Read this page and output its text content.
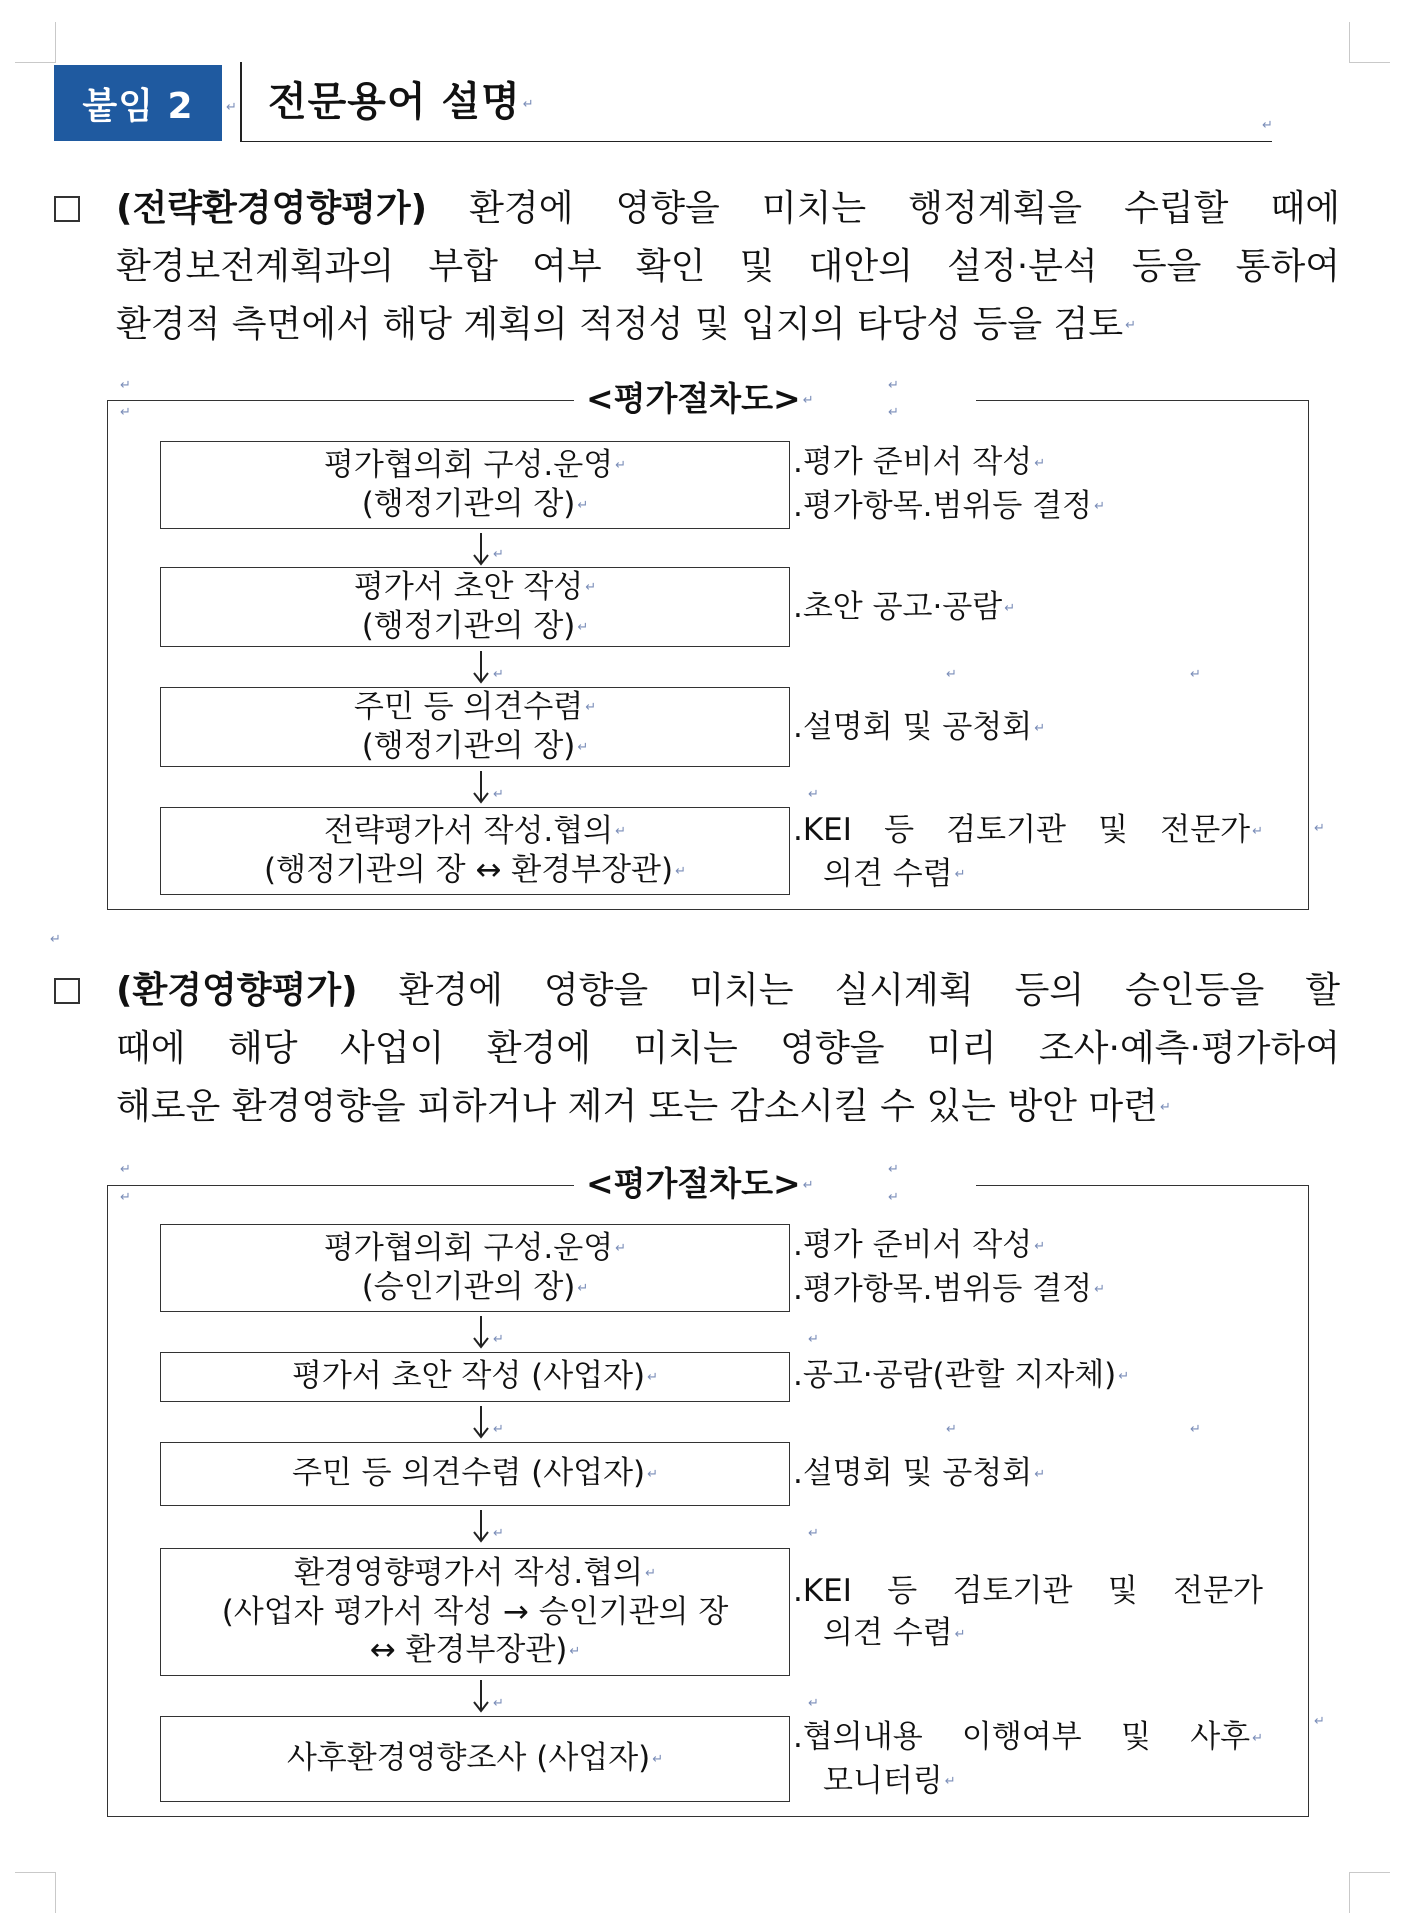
붙임 2 ↵ 전문용어 설명 ↵
↵
(전략환경영향평가) 환경에 영향을 미치는 행정계획을 수립할 때에
환경보전계획과의 부합 여부 확인 및 대안의 설정·분석 등을 통하여
환경적 측면에서 해당 계획의 적정성 및 입지의 타당성 등을 검토 ↵
↵	↵
<평가절차도> ↵
↵	↵
평가협의회 구성.운영 ↵
(행정기관의 장) ↵
.평가 준비서 작성 ↵
.평가항목.범위등 결정 ↵
↵
평가서 초안 작성 ↵
(행정기관의 장) ↵
.초안 공고·공람 ↵
↵	↵	↵
주민 등 의견수렴 ↵
(행정기관의 장) ↵
.설명회 및 공청회 ↵
↵	↵
전략평가서 작성.협의 ↵
(행정기관의 장 ↔ 환경부장관) ↵
.KEI 등 검토기관 및 전문가 ↵
의견 수렴 ↵
↵
↵
(환경영향평가) 환경에 영향을 미치는 실시계획 등의 승인등을 할
때에 해당 사업이 환경에 미치는 영향을 미리 조사·예측·평가하여
해로운 환경영향을 피하거나 제거 또는 감소시킬 수 있는 방안 마련 ↵
↵	↵
<평가절차도> ↵
↵	↵
평가협의회 구성.운영 ↵
(승인기관의 장) ↵
.평가 준비서 작성 ↵
.평가항목.범위등 결정 ↵
↵	↵
평가서 초안 작성 (사업자) ↵	.공고·공람(관할 지자체) ↵
↵	↵	↵
주민 등 의견수렴 (사업자) ↵	.설명회 및 공청회 ↵
↵	↵
환경영향평가서 작성.협의 ↵
(사업자 평가서 작성 → 승인기관의 장
↔ 환경부장관) ↵
.KEI 등 검토기관 및 전문가
의견 수렴 ↵
↵	↵
사후환경영향조사 (사업자) ↵
.협의내용 이행여부 및 사후 ↵
모니터링 ↵
↵
